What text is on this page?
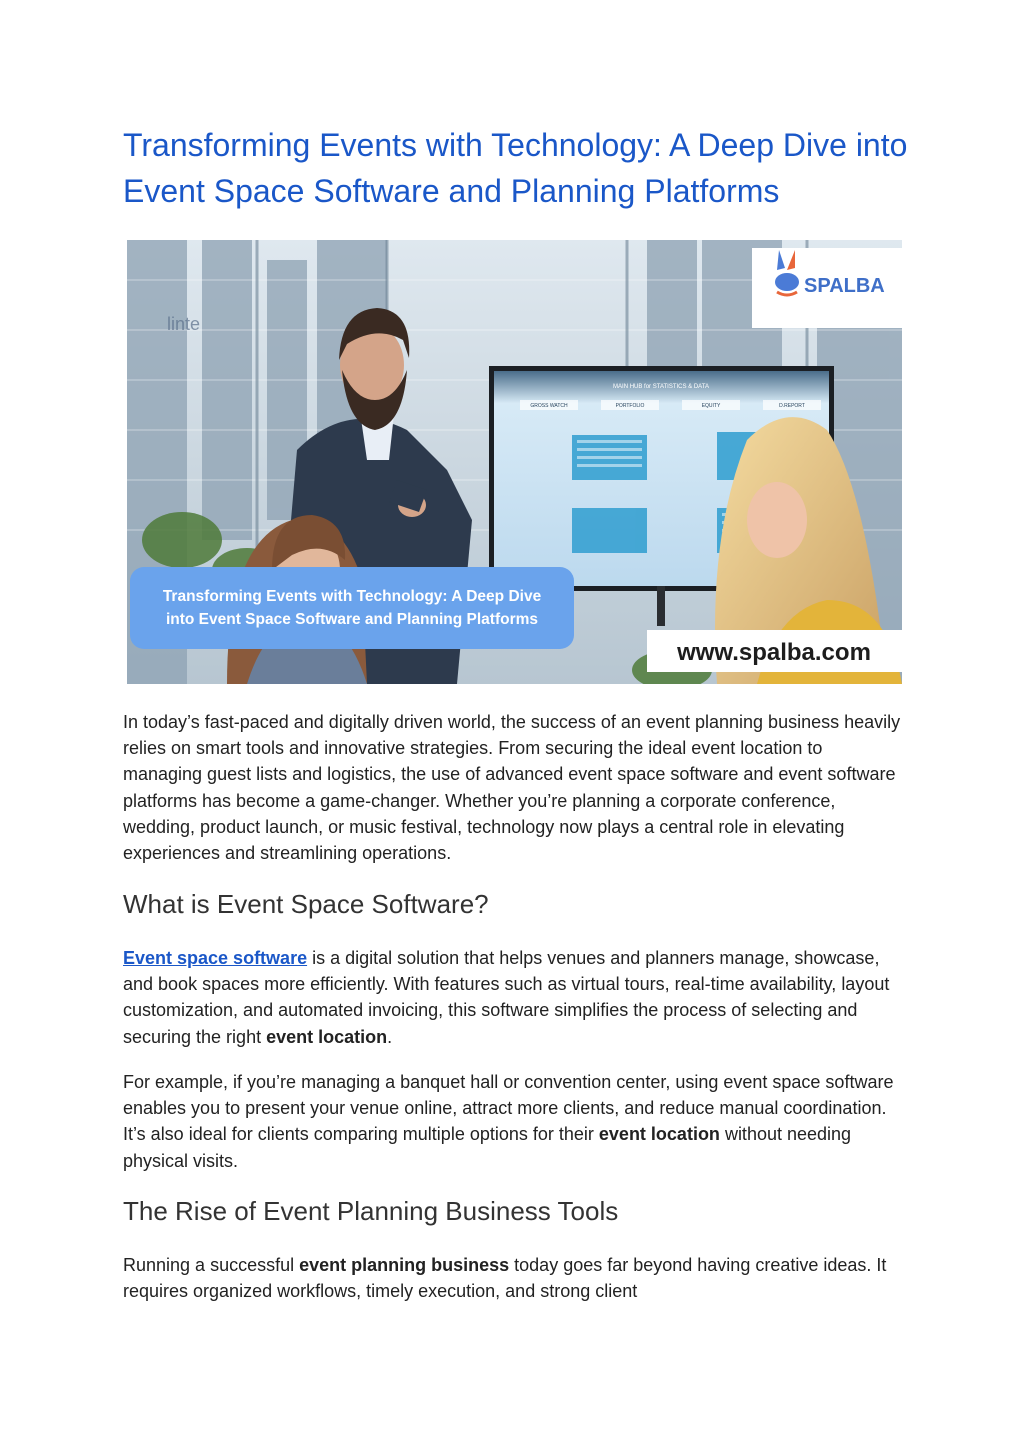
Transforming Events with Technology: A Deep Dive into Event Space Software and Planning Platforms
linte
MAIN HUB for STATISTICS & DATA
GROSS WATCH	PORTFOLIO	EQUITY	D.REPORT
SPALBA
Transforming Events with Technology: A Deep Dive
into Event Space Software and Planning Platforms
www.spalba.com

In today’s fast-paced and digitally driven world, the success of an event planning business heavily relies on smart tools and innovative strategies. From securing the ideal event location to managing guest lists and logistics, the use of advanced event space software and event software platforms has become a game-changer. Whether you’re planning a corporate conference, wedding, product launch, or music festival, technology now plays a central role in elevating experiences and streamlining operations.

What is Event Space Software?

Event space software is a digital solution that helps venues and planners manage, showcase, and book spaces more efficiently. With features such as virtual tours, real-time availability, layout customization, and automated invoicing, this software simplifies the process of selecting and securing the right event location.

For example, if you’re managing a banquet hall or convention center, using event space software enables you to present your venue online, attract more clients, and reduce manual coordination. It’s also ideal for clients comparing multiple options for their event location without needing physical visits.

The Rise of Event Planning Business Tools

Running a successful event planning business today goes far beyond having creative ideas. It requires organized workflows, timely execution, and strong client
